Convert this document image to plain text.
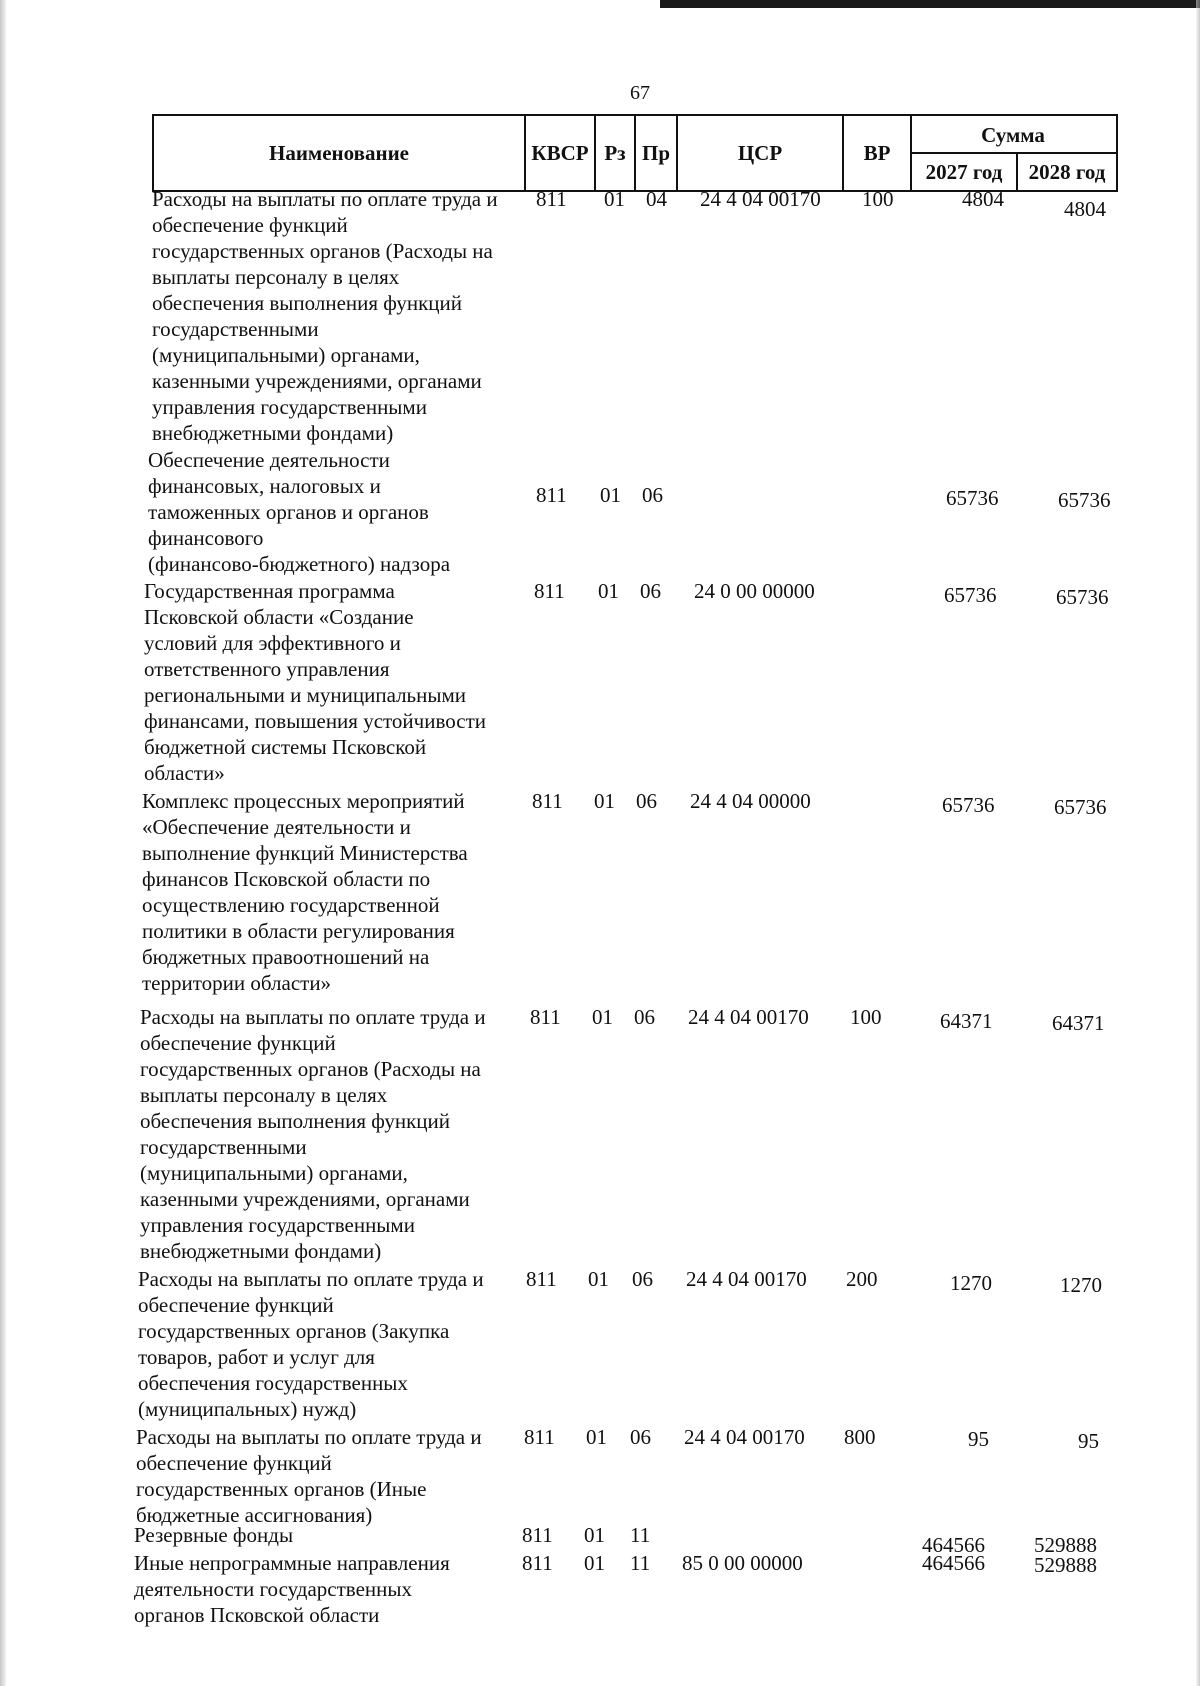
67
Наименование	КВСР Рз Пр	ЦСР	ВР
Сумма
2027 год	2028 год
Расходы на выплаты по оплате труда и
обеспечение функций
государственных органов (Расходы на
выплаты персоналу в целях
обеспечения выполнения функций
государственными
(муниципальными) органами,
казенными учреждениями, органами
управления государственными
внебюджетными фондами)
811 01 04 24 4 04 00170 100	4804	4804
Обеспечение деятельности
финансовых, налоговых и
таможенных органов и органов
финансового
(финансово-бюджетного) надзора
811 01 06	65736	65736
Государственная программа
Псковской области «Создание
условий для эффективного и
ответственного управления
региональными и муниципальными
финансами, повышения устойчивости
бюджетной системы Псковской
области»
811 01 06 24 0 00 00000	65736	65736
Комплекс процессных мероприятий
«Обеспечение деятельности и
выполнение функций Министерства
финансов Псковской области по
осуществлению государственной
политики в области регулирования
бюджетных правоотношений на
территории области»
811 01 06 24 4 04 00000	65736	65736
Расходы на выплаты по оплате труда и
обеспечение функций
государственных органов (Расходы на
выплаты персоналу в целях
обеспечения выполнения функций
государственными
(муниципальными) органами,
казенными учреждениями, органами
управления государственными
внебюджетными фондами)
811 01 06 24 4 04 00170 100	64371	64371
Расходы на выплаты по оплате труда и
обеспечение функций
государственных органов (Закупка
товаров, работ и услуг для
обеспечения государственных
(муниципальных) нужд)
811 01 06 24 4 04 00170 200	1270	1270
Расходы на выплаты по оплате труда и
обеспечение функций
государственных органов (Иные
бюджетные ассигнования)
811 01 06 24 4 04 00170 800	95	95
Резервные фонды	811 01 11	464566 529888
Иные непрограммные направления
деятельности государственных
органов Псковской области
811 01 11 85 0 00 00000	464566 529888
